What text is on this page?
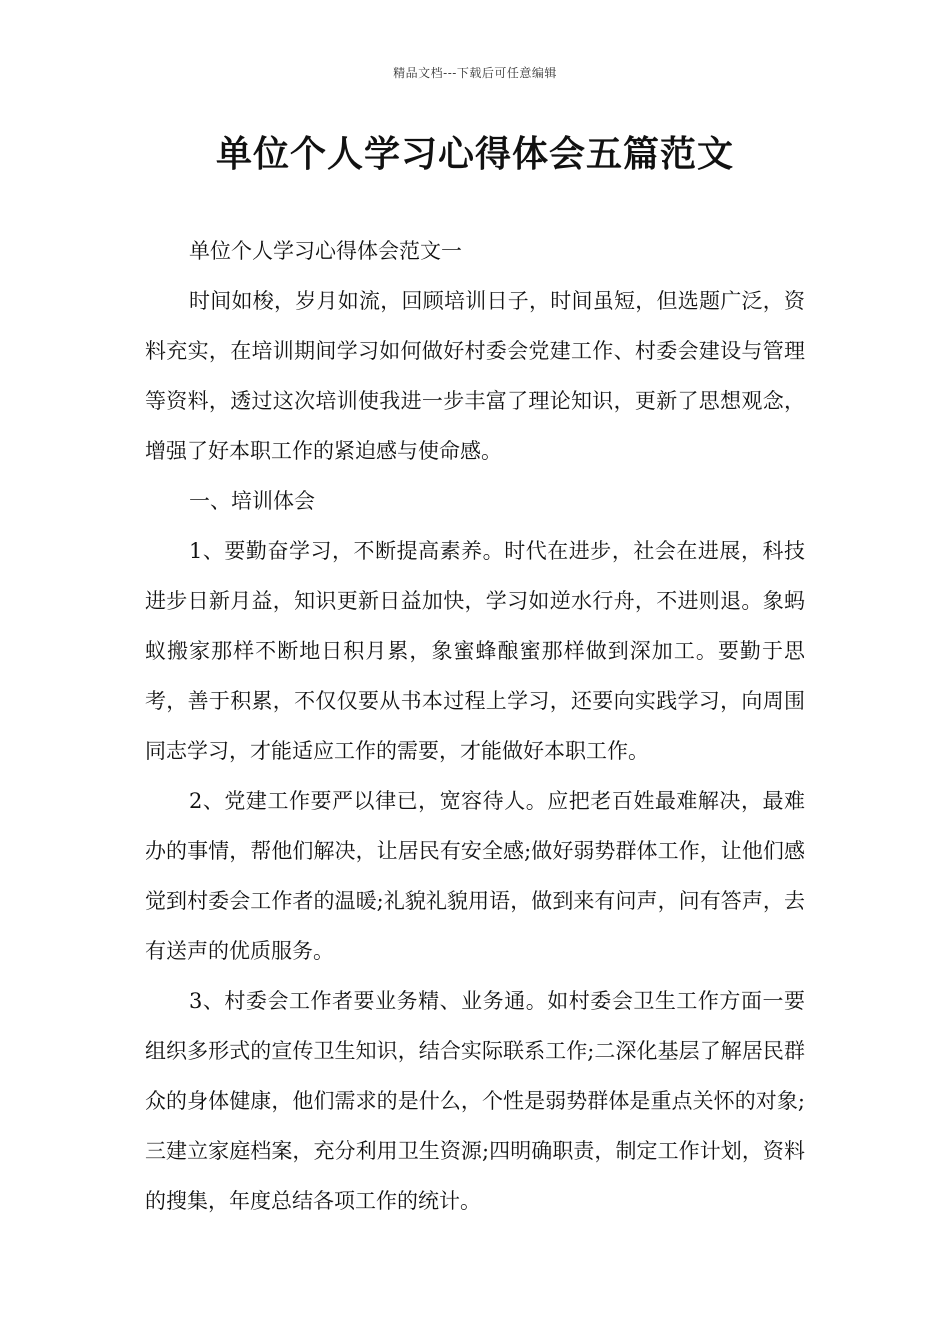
精品文档---下载后可任意编辑
单位个人学习心得体会五篇范文

单位个人学习心得体会范文一

时间如梭，岁月如流，回顾培训日子，时间虽短，但选题广泛，资料充实，在培训期间学习如何做好村委会党建工作、村委会建设与管理等资料，透过这次培训使我进一步丰富了理论知识，更新了思想观念，增强了好本职工作的紧迫感与使命感。

一、培训体会

1、要勤奋学习，不断提高素养。时代在进步，社会在进展，科技进步日新月益，知识更新日益加快，学习如逆水行舟，不进则退。象蚂蚁搬家那样不断地日积月累，象蜜蜂酿蜜那样做到深加工。要勤于思考，善于积累，不仅仅要从书本过程上学习，还要向实践学习，向周围同志学习，才能适应工作的需要，才能做好本职工作。

2、党建工作要严以律已，宽容待人。应把老百姓最难解决，最难办的事情，帮他们解决，让居民有安全感;做好弱势群体工作，让他们感觉到村委会工作者的温暖;礼貌礼貌用语，做到来有问声，问有答声，去有送声的优质服务。

3、村委会工作者要业务精、业务通。如村委会卫生工作方面一要组织多形式的宣传卫生知识，结合实际联系工作;二深化基层了解居民群众的身体健康，他们需求的是什么，个性是弱势群体是重点关怀的对象;三建立家庭档案，充分利用卫生资源;四明确职责，制定工作计划，资料的搜集，年度总结各项工作的统计。
